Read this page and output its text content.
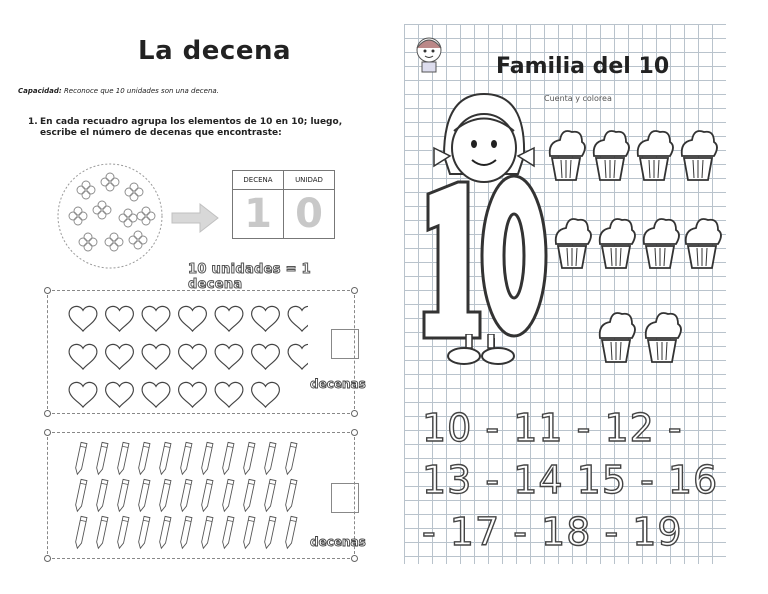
La decena
Capacidad: Reconoce que 10 unidades son una decena.
1. En cada recuadro agrupa los elementos de 10 en 10; luego, escribe el número de decenas que encontraste:
DECENA	UNIDAD
1	0
10 unidades = 1 decena
decenas
decenas
Familia del 10
Cuenta y colorea
10 - 11 - 12 - 13 - 14 15 - 16 - 17 - 18 - 19
